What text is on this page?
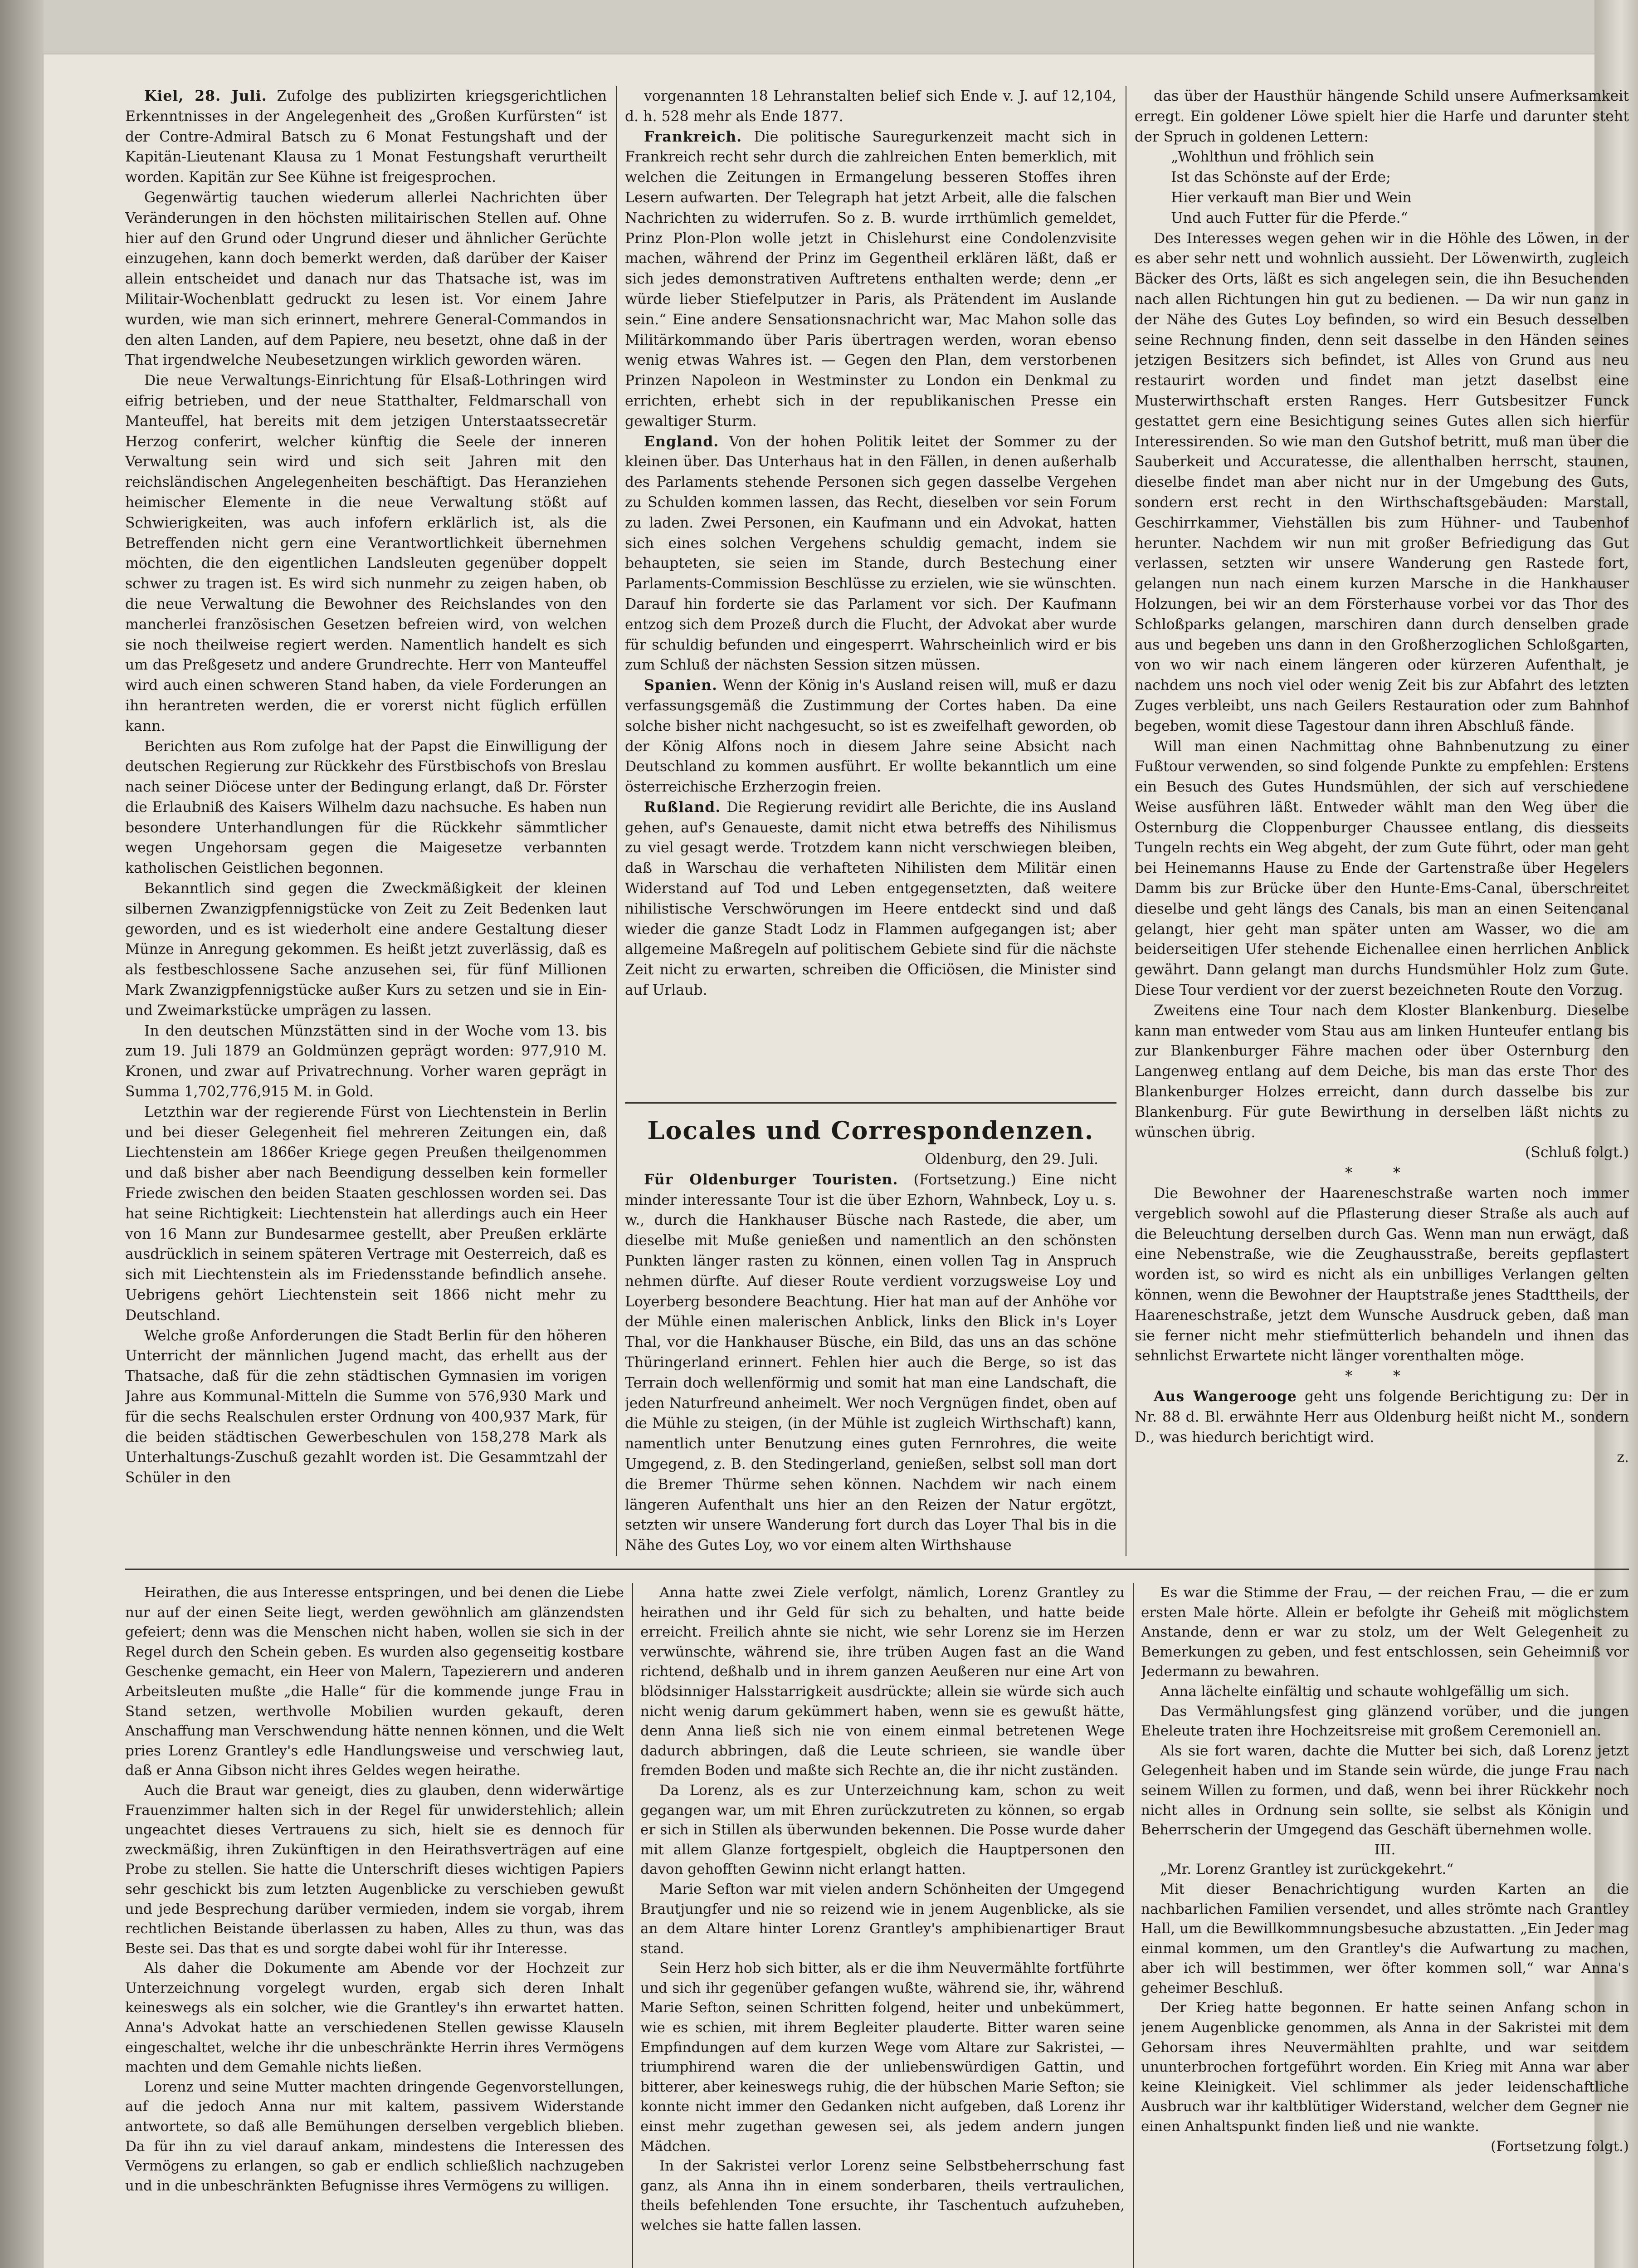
Kiel, 28. Juli. Zufolge des publizirten kriegsgerichtlichen Erkenntnisses in der Angelegenheit des „Großen Kurfürsten“ ist der Contre-Admiral Batsch zu 6 Monat Festungshaft und der Kapitän-Lieutenant Klausa zu 1 Monat Festungshaft verurtheilt worden. Kapitän zur See Kühne ist freigesprochen.

Gegenwärtig tauchen wiederum allerlei Nachrichten über Veränderungen in den höchsten militairischen Stellen auf. Ohne hier auf den Grund oder Ungrund dieser und ähnlicher Gerüchte einzugehen, kann doch bemerkt werden, daß darüber der Kaiser allein entscheidet und danach nur das Thatsache ist, was im Militair-Wochenblatt gedruckt zu lesen ist. Vor einem Jahre wurden, wie man sich erinnert, mehrere General-Commandos in den alten Landen, auf dem Papiere, neu besetzt, ohne daß in der That irgendwelche Neubesetzungen wirklich geworden wären.

Die neue Verwaltungs-Einrichtung für Elsaß-Lothringen wird eifrig betrieben, und der neue Statthalter, Feldmarschall von Manteuffel, hat bereits mit dem jetzigen Unterstaatssecretär Herzog conferirt, welcher künftig die Seele der inneren Verwaltung sein wird und sich seit Jahren mit den reichsländischen Angelegenheiten beschäftigt. Das Heranziehen heimischer Elemente in die neue Verwaltung stößt auf Schwierigkeiten, was auch infofern erklärlich ist, als die Betreffenden nicht gern eine Verantwortlichkeit übernehmen möchten, die den eigentlichen Landsleuten gegenüber doppelt schwer zu tragen ist. Es wird sich nunmehr zu zeigen haben, ob die neue Verwaltung die Bewohner des Reichslandes von den mancherlei französischen Gesetzen befreien wird, von welchen sie noch theilweise regiert werden. Namentlich handelt es sich um das Preßgesetz und andere Grundrechte. Herr von Manteuffel wird auch einen schweren Stand haben, da viele Forderungen an ihn herantreten werden, die er vorerst nicht füglich erfüllen kann.

Berichten aus Rom zufolge hat der Papst die Einwilligung der deutschen Regierung zur Rückkehr des Fürstbischofs von Breslau nach seiner Diöcese unter der Bedingung erlangt, daß Dr. Förster die Erlaubniß des Kaisers Wilhelm dazu nachsuche. Es haben nun besondere Unterhandlungen für die Rückkehr sämmtlicher wegen Ungehorsam gegen die Maigesetze verbannten katholischen Geistlichen begonnen.

Bekanntlich sind gegen die Zweckmäßigkeit der kleinen silbernen Zwanzigpfennigstücke von Zeit zu Zeit Bedenken laut geworden, und es ist wiederholt eine andere Gestaltung dieser Münze in Anregung gekommen. Es heißt jetzt zuverlässig, daß es als festbeschlossene Sache anzusehen sei, für fünf Millionen Mark Zwanzigpfennigstücke außer Kurs zu setzen und sie in Ein- und Zweimarkstücke umprägen zu lassen.

In den deutschen Münzstätten sind in der Woche vom 13. bis zum 19. Juli 1879 an Goldmünzen geprägt worden: 977,910 M. Kronen, und zwar auf Privatrechnung. Vorher waren geprägt in Summa 1,702,776,915 M. in Gold.

Letzthin war der regierende Fürst von Liechtenstein in Berlin und bei dieser Gelegenheit fiel mehreren Zeitungen ein, daß Liechtenstein am 1866er Kriege gegen Preußen theilgenommen und daß bisher aber nach Beendigung desselben kein formeller Friede zwischen den beiden Staaten geschlossen worden sei. Das hat seine Richtigkeit: Liechtenstein hat allerdings auch ein Heer von 16 Mann zur Bundesarmee gestellt, aber Preußen erklärte ausdrücklich in seinem späteren Vertrage mit Oesterreich, daß es sich mit Liechtenstein als im Friedensstande befindlich ansehe. Uebrigens gehört Liechtenstein seit 1866 nicht mehr zu Deutschland.

Welche große Anforderungen die Stadt Berlin für den höheren Unterricht der männlichen Jugend macht, das erhellt aus der Thatsache, daß für die zehn städtischen Gymnasien im vorigen Jahre aus Kommunal-Mitteln die Summe von 576,930 Mark und für die sechs Realschulen erster Ordnung von 400,937 Mark, für die beiden städtischen Gewerbeschulen von 158,278 Mark als Unterhaltungs-Zuschuß gezahlt worden ist. Die Gesammtzahl der Schüler in den

vorgenannten 18 Lehranstalten belief sich Ende v. J. auf 12,104, d. h. 528 mehr als Ende 1877.

Frankreich. Die politische Sauregurkenzeit macht sich in Frankreich recht sehr durch die zahlreichen Enten bemerklich, mit welchen die Zeitungen in Ermangelung besseren Stoffes ihren Lesern aufwarten. Der Telegraph hat jetzt Arbeit, alle die falschen Nachrichten zu widerrufen. So z. B. wurde irrthümlich gemeldet, Prinz Plon-Plon wolle jetzt in Chislehurst eine Condolenzvisite machen, während der Prinz im Gegentheil erklären läßt, daß er sich jedes demonstrativen Auftretens enthalten werde; denn „er würde lieber Stiefelputzer in Paris, als Prätendent im Auslande sein.“ Eine andere Sensationsnachricht war, Mac Mahon solle das Militärkommando über Paris übertragen werden, woran ebenso wenig etwas Wahres ist. — Gegen den Plan, dem verstorbenen Prinzen Napoleon in Westminster zu London ein Denkmal zu errichten, erhebt sich in der republikanischen Presse ein gewaltiger Sturm.

England. Von der hohen Politik leitet der Sommer zu der kleinen über. Das Unterhaus hat in den Fällen, in denen außerhalb des Parlaments stehende Personen sich gegen dasselbe Vergehen zu Schulden kommen lassen, das Recht, dieselben vor sein Forum zu laden. Zwei Personen, ein Kaufmann und ein Advokat, hatten sich eines solchen Vergehens schuldig gemacht, indem sie behaupteten, sie seien im Stande, durch Bestechung einer Parlaments-Commission Beschlüsse zu erzielen, wie sie wünschten. Darauf hin forderte sie das Parlament vor sich. Der Kaufmann entzog sich dem Prozeß durch die Flucht, der Advokat aber wurde für schuldig befunden und eingesperrt. Wahrscheinlich wird er bis zum Schluß der nächsten Session sitzen müssen.

Spanien. Wenn der König in's Ausland reisen will, muß er dazu verfassungsgemäß die Zustimmung der Cortes haben. Da eine solche bisher nicht nachgesucht, so ist es zweifelhaft geworden, ob der König Alfons noch in diesem Jahre seine Absicht nach Deutschland zu kommen ausführt. Er wollte bekanntlich um eine österreichische Erzherzogin freien.

Rußland. Die Regierung revidirt alle Berichte, die ins Ausland gehen, auf's Genaueste, damit nicht etwa betreffs des Nihilismus zu viel gesagt werde. Trotzdem kann nicht verschwiegen bleiben, daß in Warschau die verhafteten Nihilisten dem Militär einen Widerstand auf Tod und Leben entgegensetzten, daß weitere nihilistische Verschwörungen im Heere entdeckt sind und daß wieder die ganze Stadt Lodz in Flammen aufgegangen ist; aber allgemeine Maßregeln auf politischem Gebiete sind für die nächste Zeit nicht zu erwarten, schreiben die Officiösen, die Minister sind auf Urlaub.

Locales und Correspondenzen.

Oldenburg, den 29. Juli.

Für Oldenburger Touristen. (Fortsetzung.) Eine nicht minder interessante Tour ist die über Ezhorn, Wahnbeck, Loy u. s. w., durch die Hankhauser Büsche nach Rastede, die aber, um dieselbe mit Muße genießen und namentlich an den schönsten Punkten länger rasten zu können, einen vollen Tag in Anspruch nehmen dürfte. Auf dieser Route verdient vorzugsweise Loy und Loyerberg besondere Beachtung. Hier hat man auf der Anhöhe vor der Mühle einen malerischen Anblick, links den Blick in's Loyer Thal, vor die Hankhauser Büsche, ein Bild, das uns an das schöne Thüringerland erinnert. Fehlen hier auch die Berge, so ist das Terrain doch wellenförmig und somit hat man eine Landschaft, die jeden Naturfreund anheimelt. Wer noch Vergnügen findet, oben auf die Mühle zu steigen, (in der Mühle ist zugleich Wirthschaft) kann, namentlich unter Benutzung eines guten Fernrohres, die weite Umgegend, z. B. den Stedingerland, genießen, selbst soll man dort die Bremer Thürme sehen können. Nachdem wir nach einem längeren Aufenthalt uns hier an den Reizen der Natur ergötzt, setzten wir unsere Wanderung fort durch das Loyer Thal bis in die Nähe des Gutes Loy, wo vor einem alten Wirthshause

das über der Hausthür hängende Schild unsere Aufmerksamkeit erregt. Ein goldener Löwe spielt hier die Harfe und darunter steht der Spruch in goldenen Lettern:

„Wohlthun und fröhlich sein

Ist das Schönste auf der Erde;

Hier verkauft man Bier und Wein

Und auch Futter für die Pferde.“

Des Interesses wegen gehen wir in die Höhle des Löwen, in der es aber sehr nett und wohnlich aussieht. Der Löwenwirth, zugleich Bäcker des Orts, läßt es sich angelegen sein, die ihn Besuchenden nach allen Richtungen hin gut zu bedienen. — Da wir nun ganz in der Nähe des Gutes Loy befinden, so wird ein Besuch desselben seine Rechnung finden, denn seit dasselbe in den Händen seines jetzigen Besitzers sich befindet, ist Alles von Grund aus neu restaurirt worden und findet man jetzt daselbst eine Musterwirthschaft ersten Ranges. Herr Gutsbesitzer Funck gestattet gern eine Besichtigung seines Gutes allen sich hierfür Interessirenden. So wie man den Gutshof betritt, muß man über die Sauberkeit und Accuratesse, die allenthalben herrscht, staunen, dieselbe findet man aber nicht nur in der Umgebung des Guts, sondern erst recht in den Wirthschaftsgebäuden: Marstall, Geschirrkammer, Viehställen bis zum Hühner- und Taubenhof herunter. Nachdem wir nun mit großer Befriedigung das Gut verlassen, setzten wir unsere Wanderung gen Rastede fort, gelangen nun nach einem kurzen Marsche in die Hankhauser Holzungen, bei wir an dem Försterhause vorbei vor das Thor des Schloßparks gelangen, marschiren dann durch denselben grade aus und begeben uns dann in den Großherzoglichen Schloßgarten, von wo wir nach einem längeren oder kürzeren Aufenthalt, je nachdem uns noch viel oder wenig Zeit bis zur Abfahrt des letzten Zuges verbleibt, uns nach Geilers Restauration oder zum Bahnhof begeben, womit diese Tagestour dann ihren Abschluß fände.

Will man einen Nachmittag ohne Bahnbenutzung zu einer Fußtour verwenden, so sind folgende Punkte zu empfehlen: Erstens ein Besuch des Gutes Hundsmühlen, der sich auf verschiedene Weise ausführen läßt. Entweder wählt man den Weg über die Osternburg die Cloppenburger Chaussee entlang, dis diesseits Tungeln rechts ein Weg abgeht, der zum Gute führt, oder man geht bei Heinemanns Hause zu Ende der Gartenstraße über Hegelers Damm bis zur Brücke über den Hunte-Ems-Canal, überschreitet dieselbe und geht längs des Canals, bis man an einen Seitencanal gelangt, hier geht man später unten am Wasser, wo die am beiderseitigen Ufer stehende Eichenallee einen herrlichen Anblick gewährt. Dann gelangt man durchs Hundsmühler Holz zum Gute. Diese Tour verdient vor der zuerst bezeichneten Route den Vorzug.

Zweitens eine Tour nach dem Kloster Blankenburg. Dieselbe kann man entweder vom Stau aus am linken Hunteufer entlang bis zur Blankenburger Fähre machen oder über Osternburg den Langenweg entlang auf dem Deiche, bis man das erste Thor des Blankenburger Holzes erreicht, dann durch dasselbe bis zur Blankenburg. Für gute Bewirthung in derselben läßt nichts zu wünschen übrig.

(Schluß folgt.)

* *

Die Bewohner der Haareneschstraße warten noch immer vergeblich sowohl auf die Pflasterung dieser Straße als auch auf die Beleuchtung derselben durch Gas. Wenn man nun erwägt, daß eine Nebenstraße, wie die Zeughausstraße, bereits gepflastert worden ist, so wird es nicht als ein unbilliges Verlangen gelten können, wenn die Bewohner der Hauptstraße jenes Stadttheils, der Haareneschstraße, jetzt dem Wunsche Ausdruck geben, daß man sie ferner nicht mehr stiefmütterlich behandeln und ihnen das sehnlichst Erwartete nicht länger vorenthalten möge.

* *

Aus Wangerooge geht uns folgende Berichtigung zu: Der in Nr. 88 d. Bl. erwähnte Herr aus Oldenburg heißt nicht M., sondern D., was hiedurch berichtigt wird.

z.

Heirathen, die aus Interesse entspringen, und bei denen die Liebe nur auf der einen Seite liegt, werden gewöhnlich am glänzendsten gefeiert; denn was die Menschen nicht haben, wollen sie sich in der Regel durch den Schein geben. Es wurden also gegenseitig kostbare Geschenke gemacht, ein Heer von Malern, Tapezierern und anderen Arbeitsleuten mußte „die Halle“ für die kommende junge Frau in Stand setzen, werthvolle Mobilien wurden gekauft, deren Anschaffung man Verschwendung hätte nennen können, und die Welt pries Lorenz Grantley's edle Handlungsweise und verschwieg laut, daß er Anna Gibson nicht ihres Geldes wegen heirathe.

Auch die Braut war geneigt, dies zu glauben, denn widerwärtige Frauenzimmer halten sich in der Regel für unwiderstehlich; allein ungeachtet dieses Vertrauens zu sich, hielt sie es dennoch für zweckmäßig, ihren Zukünftigen in den Heirathsverträgen auf eine Probe zu stellen. Sie hatte die Unterschrift dieses wichtigen Papiers sehr geschickt bis zum letzten Augenblicke zu verschieben gewußt und jede Besprechung darüber vermieden, indem sie vorgab, ihrem rechtlichen Beistande überlassen zu haben, Alles zu thun, was das Beste sei. Das that es und sorgte dabei wohl für ihr Interesse.

Als daher die Dokumente am Abende vor der Hochzeit zur Unterzeichnung vorgelegt wurden, ergab sich deren Inhalt keineswegs als ein solcher, wie die Grantley's ihn erwartet hatten. Anna's Advokat hatte an verschiedenen Stellen gewisse Klauseln eingeschaltet, welche ihr die unbeschränkte Herrin ihres Vermögens machten und dem Gemahle nichts ließen.

Lorenz und seine Mutter machten dringende Gegenvorstellungen, auf die jedoch Anna nur mit kaltem, passivem Widerstande antwortete, so daß alle Bemühungen derselben vergeblich blieben. Da für ihn zu viel darauf ankam, mindestens die Interessen des Vermögens zu erlangen, so gab er endlich schließlich nachzugeben und in die unbeschränkten Befugnisse ihres Vermögens zu willigen.

Anna hatte zwei Ziele verfolgt, nämlich, Lorenz Grantley zu heirathen und ihr Geld für sich zu behalten, und hatte beide erreicht. Freilich ahnte sie nicht, wie sehr Lorenz sie im Herzen verwünschte, während sie, ihre trüben Augen fast an die Wand richtend, deßhalb und in ihrem ganzen Aeußeren nur eine Art von blödsinniger Halsstarrigkeit ausdrückte; allein sie würde sich auch nicht wenig darum gekümmert haben, wenn sie es gewußt hätte, denn Anna ließ sich nie von einem einmal betretenen Wege dadurch abbringen, daß die Leute schrieen, sie wandle über fremden Boden und maßte sich Rechte an, die ihr nicht zuständen.

Da Lorenz, als es zur Unterzeichnung kam, schon zu weit gegangen war, um mit Ehren zurückzutreten zu können, so ergab er sich in Stillen als überwunden bekennen. Die Posse wurde daher mit allem Glanze fortgespielt, obgleich die Hauptpersonen den davon gehofften Gewinn nicht erlangt hatten.

Marie Sefton war mit vielen andern Schönheiten der Umgegend Brautjungfer und nie so reizend wie in jenem Augenblicke, als sie an dem Altare hinter Lorenz Grantley's amphibienartiger Braut stand.

Sein Herz hob sich bitter, als er die ihm Neuvermählte fortführte und sich ihr gegenüber gefangen wußte, während sie, ihr, während Marie Sefton, seinen Schritten folgend, heiter und unbekümmert, wie es schien, mit ihrem Begleiter plauderte. Bitter waren seine Empfindungen auf dem kurzen Wege vom Altare zur Sakristei, — triumphirend waren die der unliebenswürdigen Gattin, und bitterer, aber keineswegs ruhig, die der hübschen Marie Sefton; sie konnte nicht immer den Gedanken nicht aufgeben, daß Lorenz ihr einst mehr zugethan gewesen sei, als jedem andern jungen Mädchen.

In der Sakristei verlor Lorenz seine Selbstbeherrschung fast ganz, als Anna ihn in einem sonderbaren, theils vertraulichen, theils befehlenden Tone ersuchte, ihr Taschentuch aufzuheben, welches sie hatte fallen lassen.

Es war die Stimme der Frau, — der reichen Frau, — die er zum ersten Male hörte. Allein er befolgte ihr Geheiß mit möglichstem Anstande, denn er war zu stolz, um der Welt Gelegenheit zu Bemerkungen zu geben, und fest entschlossen, sein Geheimniß vor Jedermann zu bewahren.

Anna lächelte einfältig und schaute wohlgefällig um sich.

Das Vermählungsfest ging glänzend vorüber, und die jungen Eheleute traten ihre Hochzeitsreise mit großem Ceremoniell an.

Als sie fort waren, dachte die Mutter bei sich, daß Lorenz jetzt Gelegenheit haben und im Stande sein würde, die junge Frau nach seinem Willen zu formen, und daß, wenn bei ihrer Rückkehr noch nicht alles in Ordnung sein sollte, sie selbst als Königin und Beherrscherin der Umgegend das Geschäft übernehmen wolle.

III.

„Mr. Lorenz Grantley ist zurückgekehrt.“

Mit dieser Benachrichtigung wurden Karten an die nachbarlichen Familien versendet, und alles strömte nach Grantley Hall, um die Bewillkommnungsbesuche abzustatten. „Ein Jeder mag einmal kommen, um den Grantley's die Aufwartung zu machen, aber ich will bestimmen, wer öfter kommen soll,“ war Anna's geheimer Beschluß.

Der Krieg hatte begonnen. Er hatte seinen Anfang schon in jenem Augenblicke genommen, als Anna in der Sakristei mit dem Gehorsam ihres Neuvermählten prahlte, und war seitdem ununterbrochen fortgeführt worden. Ein Krieg mit Anna war aber keine Kleinigkeit. Viel schlimmer als jeder leidenschaftliche Ausbruch war ihr kaltblütiger Widerstand, welcher dem Gegner nie einen Anhaltspunkt finden ließ und nie wankte.

(Fortsetzung folgt.)
